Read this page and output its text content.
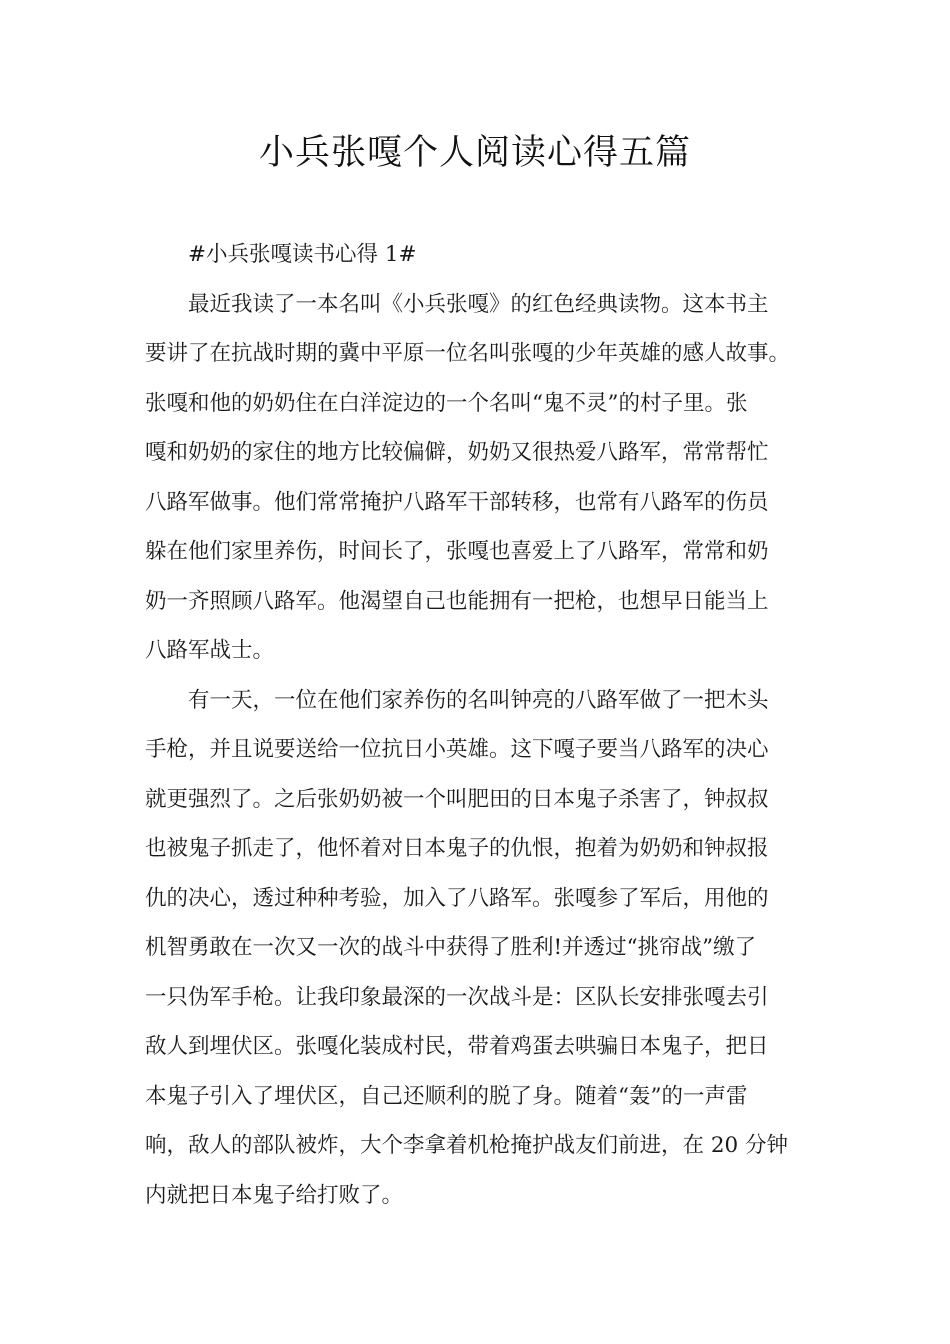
小兵张嘎个人阅读心得五篇

#小兵张嘎读书心得 1#

最近我读了一本名叫《小兵张嘎》的红色经典读物。这本书主
要讲了在抗战时期的冀中平原一位名叫张嘎的少年英雄的感人故事。
张嘎和他的奶奶住在白洋淀边的一个名叫“鬼不灵”的村子里。张
嘎和奶奶的家住的地方比较偏僻，奶奶又很热爱八路军，常常帮忙
八路军做事。他们常常掩护八路军干部转移，也常有八路军的伤员
躲在他们家里养伤，时间长了，张嘎也喜爱上了八路军，常常和奶
奶一齐照顾八路军。他渴望自己也能拥有一把枪，也想早日能当上
八路军战士。
有一天，一位在他们家养伤的名叫钟亮的八路军做了一把木头
手枪，并且说要送给一位抗日小英雄。这下嘎子要当八路军的决心
就更强烈了。之后张奶奶被一个叫肥田的日本鬼子杀害了，钟叔叔
也被鬼子抓走了，他怀着对日本鬼子的仇恨，抱着为奶奶和钟叔报
仇的决心，透过种种考验，加入了八路军。张嘎参了军后，用他的
机智勇敢在一次又一次的战斗中获得了胜利!并透过“挑帘战”缴了
一只伪军手枪。让我印象最深的一次战斗是：区队长安排张嘎去引
敌人到埋伏区。张嘎化装成村民，带着鸡蛋去哄骗日本鬼子，把日
本鬼子引入了埋伏区，自己还顺利的脱了身。随着“轰”的一声雷
响，敌人的部队被炸，大个李拿着机枪掩护战友们前进，在 20 分钟
内就把日本鬼子给打败了。
